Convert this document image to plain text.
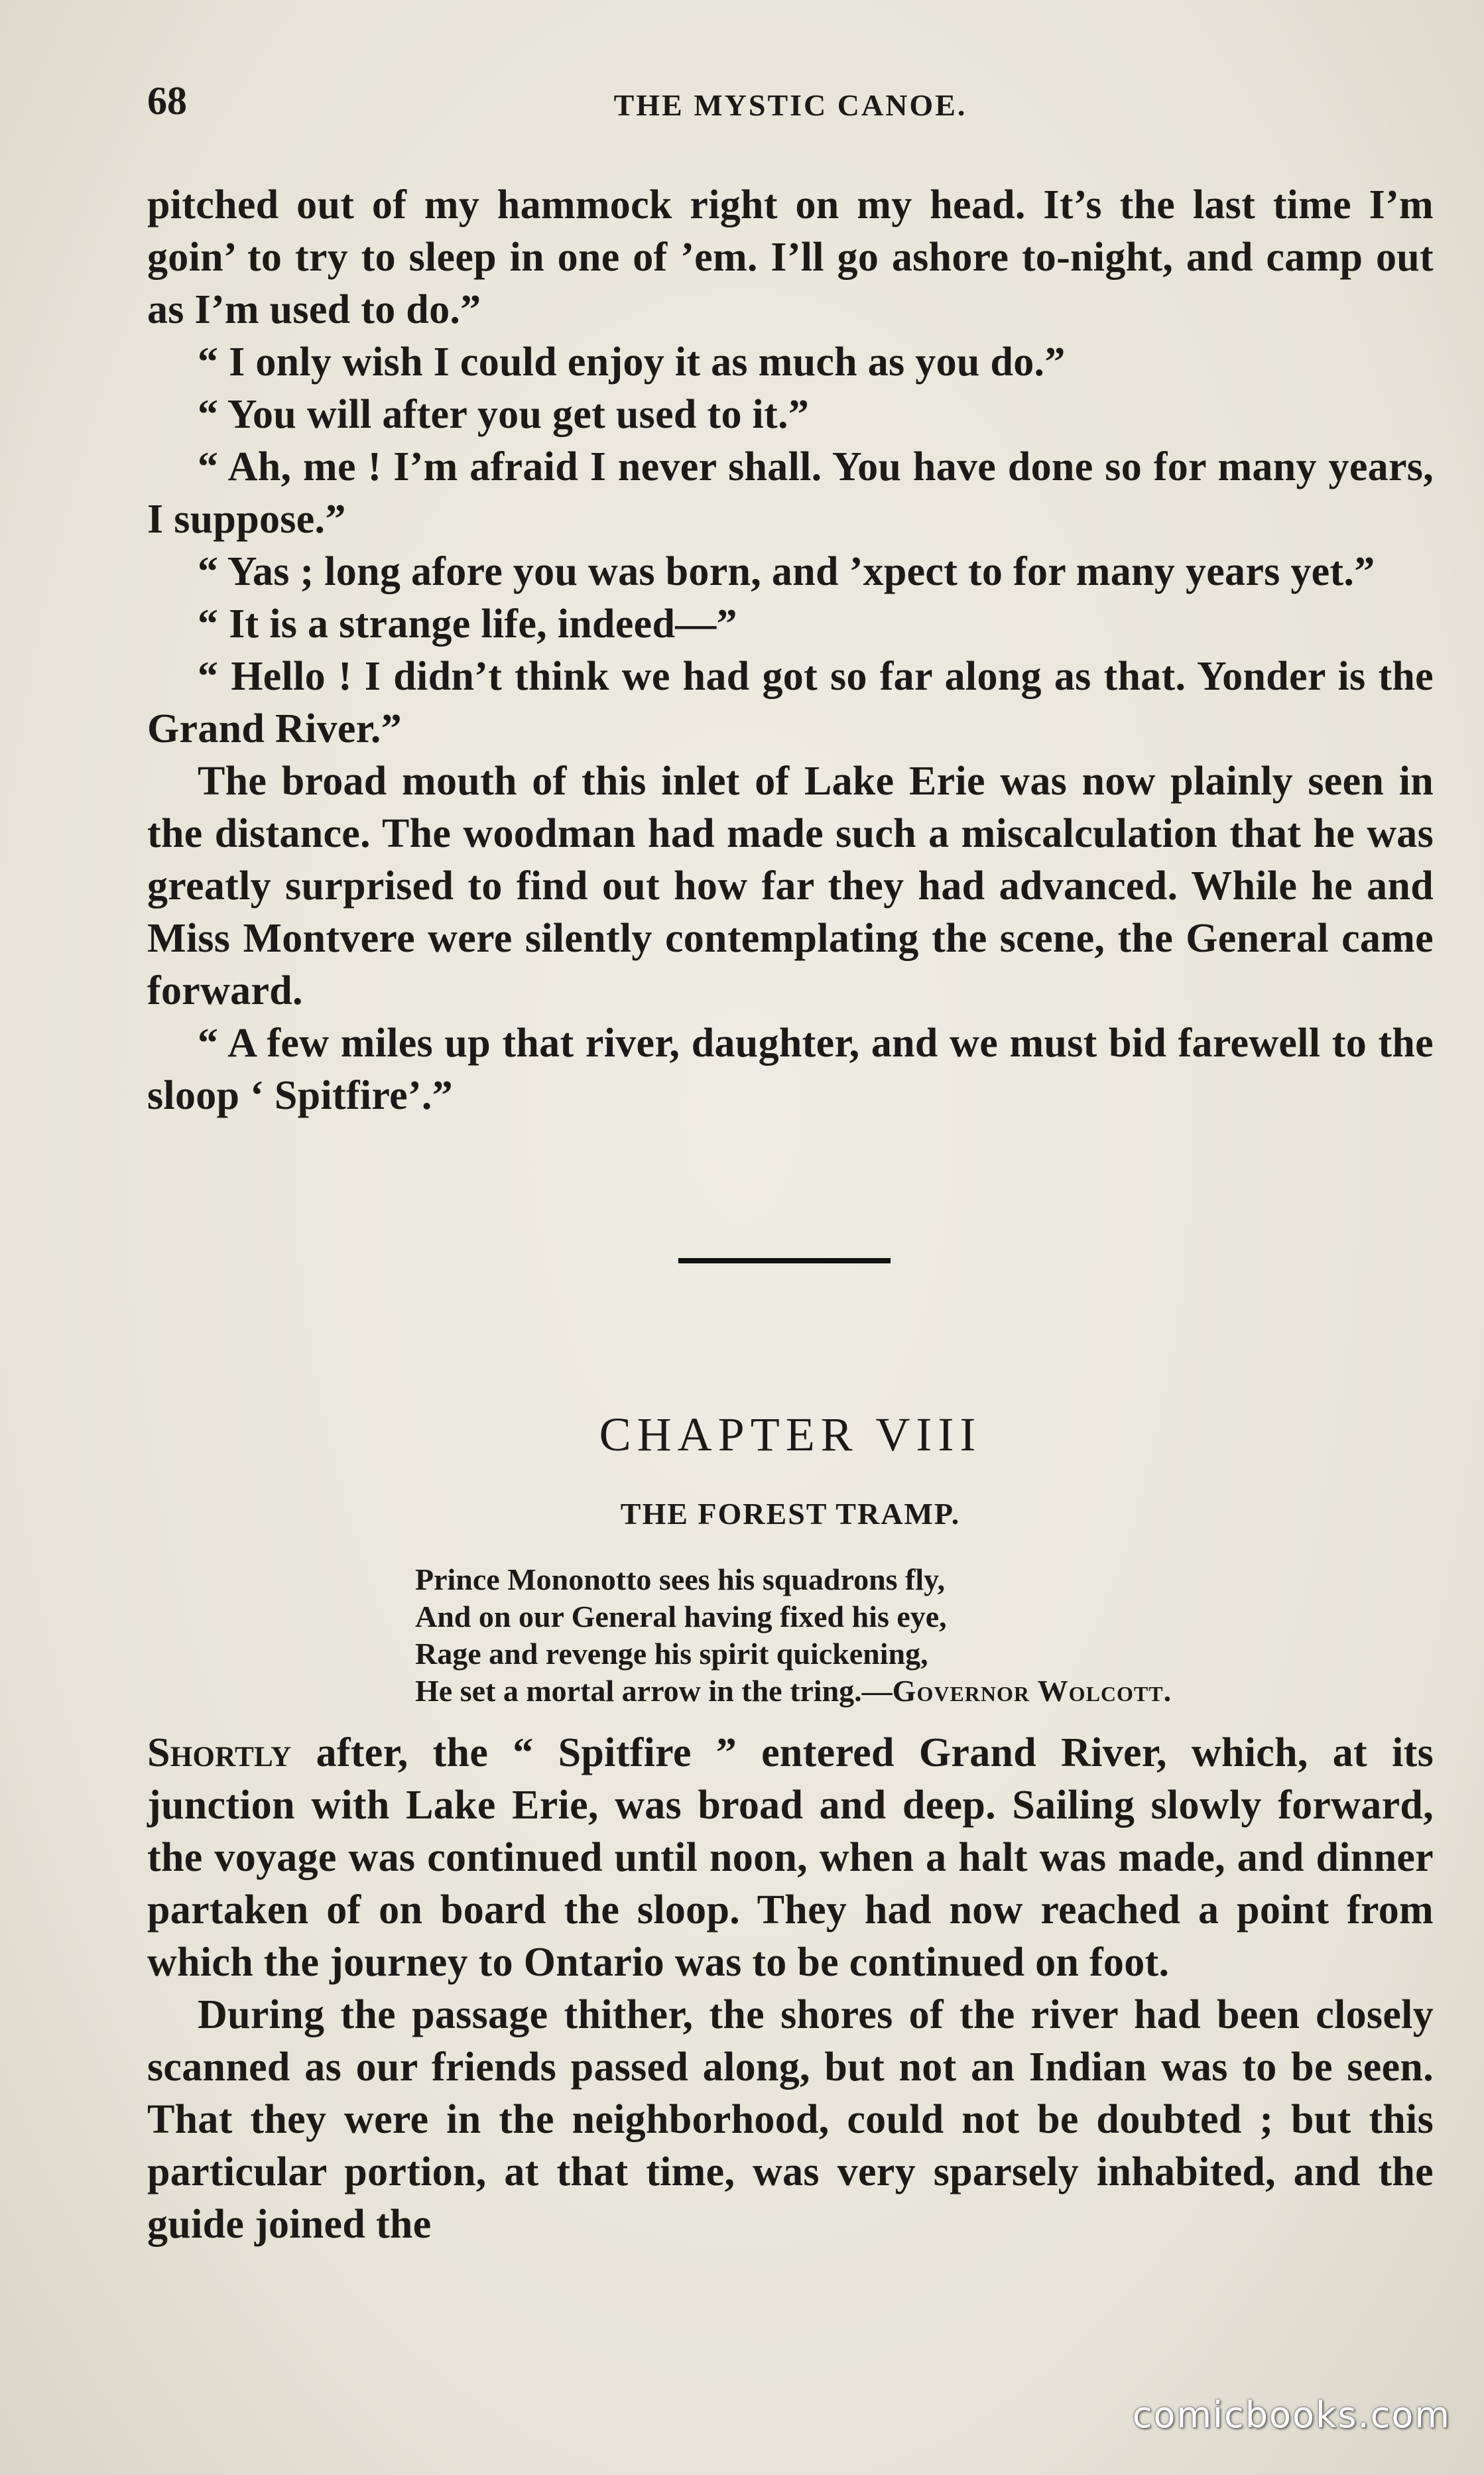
68	THE MYSTIC CANOE.

pitched out of my hammock right on my head. It’s the last time I’m goin’ to try to sleep in one of ’em. I’ll go ashore to-night, and camp out as I’m used to do.”

“ I only wish I could enjoy it as much as you do.”

“ You will after you get used to it.”

“ Ah, me ! I’m afraid I never shall. You have done so for many years, I suppose.”

“ Yas ; long afore you was born, and ’xpect to for many years yet.”

“ It is a strange life, indeed—”

“ Hello ! I didn’t think we had got so far along as that. Yonder is the Grand River.”

The broad mouth of this inlet of Lake Erie was now plainly seen in the distance. The woodman had made such a miscalculation that he was greatly surprised to find out how far they had advanced. While he and Miss Montvere were silently contemplating the scene, the General came forward.

“ A few miles up that river, daughter, and we must bid farewell to the sloop ‘ Spitfire’.”

CHAPTER VIII
THE FOREST TRAMP.
Prince Mononotto sees his squadrons fly,
And on our General having fixed his eye,
Rage and revenge his spirit quickening,
He set a mortal arrow in the tring.—Governor Wolcott.

Shortly after, the “ Spitfire ” entered Grand River, which, at its junction with Lake Erie, was broad and deep. Sailing slowly forward, the voyage was continued until noon, when a halt was made, and dinner partaken of on board the sloop. They had now reached a point from which the journey to Ontario was to be continued on foot.

During the passage thither, the shores of the river had been closely scanned as our friends passed along, but not an Indian was to be seen. That they were in the neighborhood, could not be doubted ; but this particular portion, at that time, was very sparsely inhabited, and the guide joined the

comicbooks.com
